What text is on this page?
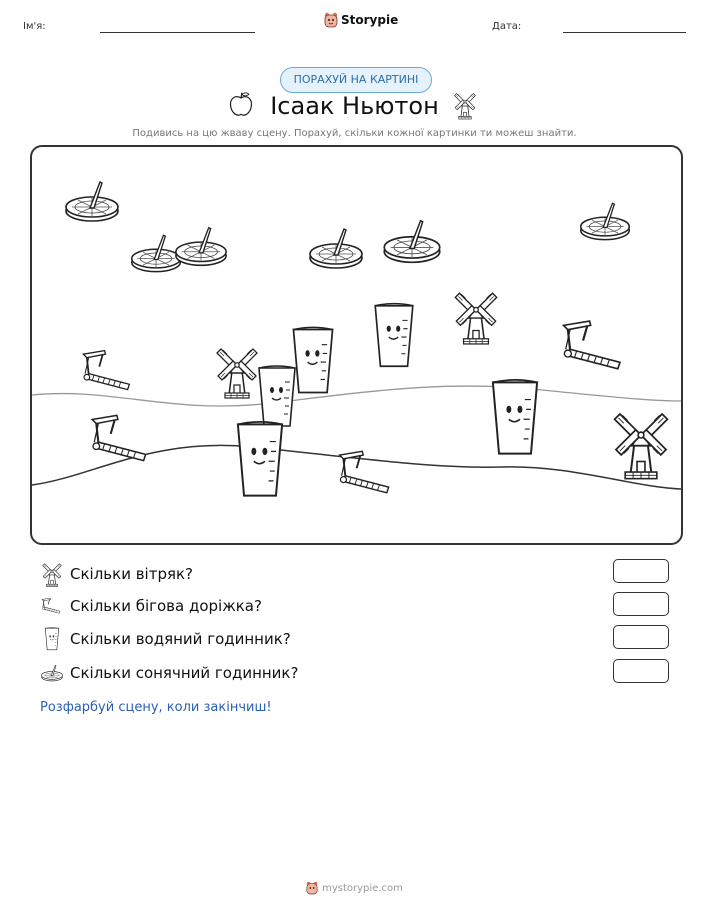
Ім'я:	Storypie	Дата:
ПОРАХУЙ НА КАРТИНІ
Ісаак Ньютон
Подивись на цю жваву сцену. Порахуй, скільки кожної картинки ти можеш знайти.
Скільки вітряк?
Скільки бігова доріжка?
Скільки водяний годинник?
Скільки сонячний годинник?
Розфарбуй сцену, коли закінчиш!
mystorypie.com
